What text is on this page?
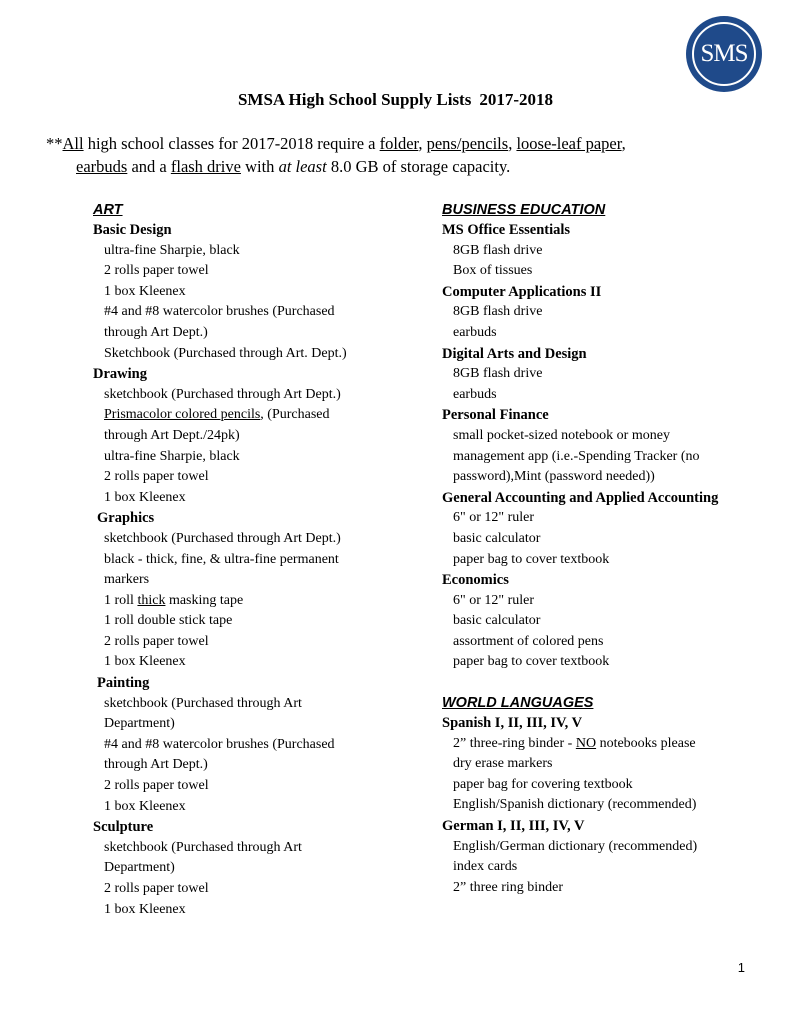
SMS
SMSA High School Supply Lists 2017-2018
**All high school classes for 2017-2018 require a folder, pens/pencils, loose-leaf paper,
earbuds and a flash drive with at least 8.0 GB of storage capacity.
ART
Basic Design
ultra-fine Sharpie, black
2 rolls paper towel
1 box Kleenex
#4 and #8 watercolor brushes (Purchased
through Art Dept.)
Sketchbook (Purchased through Art. Dept.)
Drawing
sketchbook (Purchased through Art Dept.)
Prismacolor colored pencils, (Purchased
through Art Dept./24pk)
ultra-fine Sharpie, black
2 rolls paper towel
1 box Kleenex
Graphics
sketchbook (Purchased through Art Dept.)
black - thick, fine, & ultra-fine permanent
markers
1 roll thick masking tape
1 roll double stick tape
2 rolls paper towel
1 box Kleenex
Painting
sketchbook (Purchased through Art
Department)
#4 and #8 watercolor brushes (Purchased
through Art Dept.)
2 rolls paper towel
1 box Kleenex
Sculpture
sketchbook (Purchased through Art
Department)
2 rolls paper towel
1 box Kleenex
BUSINESS EDUCATION
MS Office Essentials
8GB flash drive
Box of tissues
Computer Applications II
8GB flash drive
earbuds
Digital Arts and Design
8GB flash drive
earbuds
Personal Finance
small pocket-sized notebook or money
management app (i.e.-Spending Tracker (no
password),Mint (password needed))
General Accounting and Applied Accounting
6" or 12" ruler
basic calculator
paper bag to cover textbook
Economics
6" or 12" ruler
basic calculator
assortment of colored pens
paper bag to cover textbook
WORLD LANGUAGES
Spanish I, II, III, IV, V
2” three-ring binder - NO notebooks please
dry erase markers
paper bag for covering textbook
English/Spanish dictionary (recommended)
German I, II, III, IV, V
English/German dictionary (recommended)
index cards
2” three ring binder
1
